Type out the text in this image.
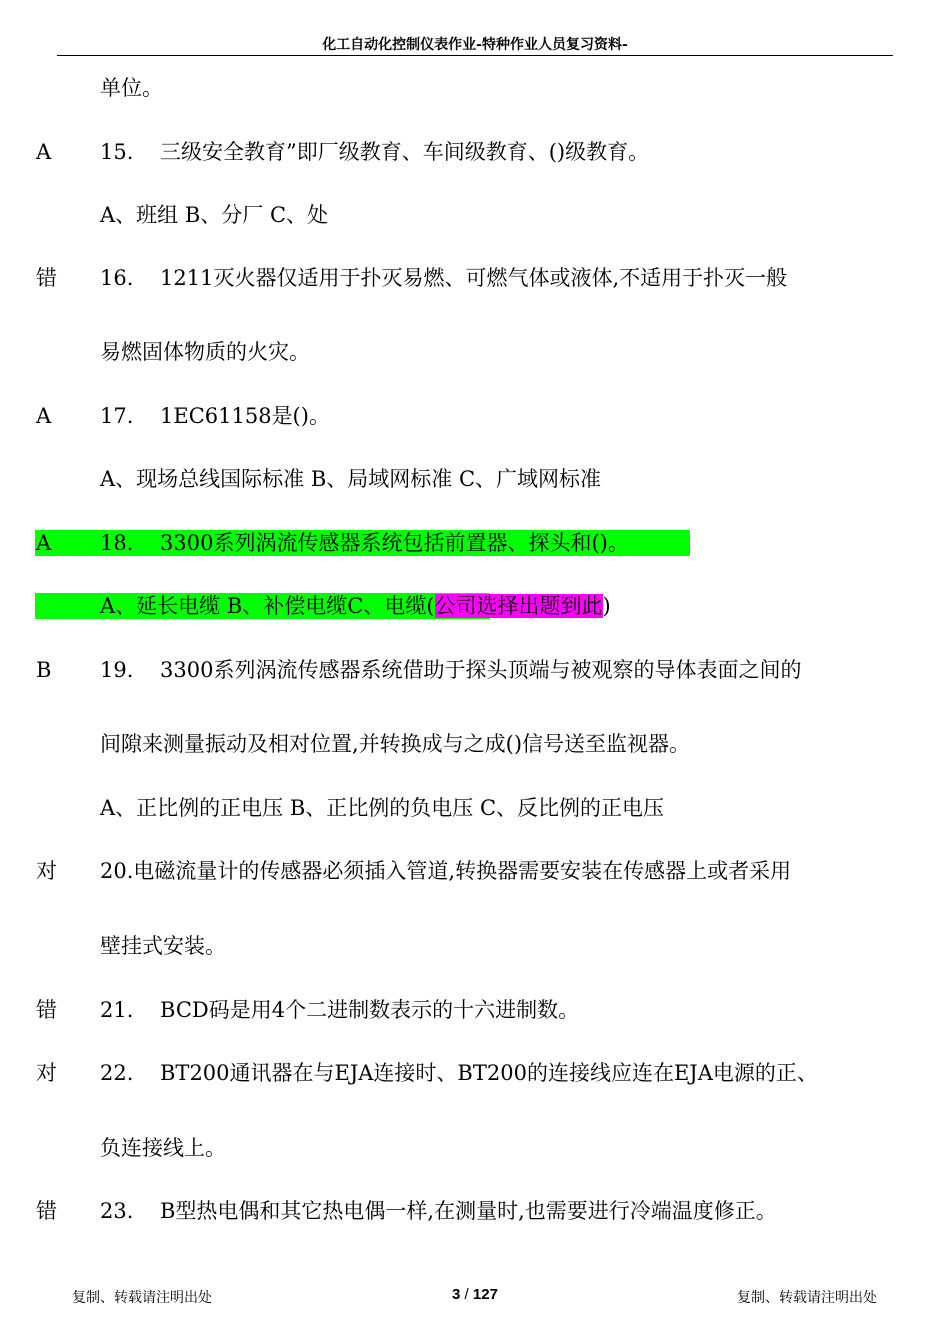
化工自动化控制仪表作业-特种作业人员复习资料-
单位。
A 15. 三级安全教育”即厂级教育、车间级教育、()级教育。
A、班组 B、分厂 C、处
错 16. 1211灭火器仅适用于扑灭易燃、可燃气体或液体,不适用于扑灭一般
易燃固体物质的火灾。
A 17. 1EC61158是()。
A、现场总线国际标准 B、局域网标准 C、广域网标准
A 18. 3300系列涡流传感器系统包括前置器、探头和()。
A、延长电缆 B、补偿电缆C、电缆(公司选择出题到此)
B 19. 3300系列涡流传感器系统借助于探头顶端与被观察的导体表面之间的
间隙来测量振动及相对位置,并转换成与之成()信号送至监视器。
A、正比例的正电压 B、正比例的负电压 C、反比例的正电压
对 20.电磁流量计的传感器必须插入管道,转换器需要安装在传感器上或者采用
壁挂式安装。
错 21. BCD码是用4个二进制数表示的十六进制数。
对 22. BT200通讯器在与EJA连接时、BT200的连接线应连在EJA电源的正、
负连接线上。
错 23. B型热电偶和其它热电偶一样,在测量时,也需要进行冷端温度修正。
复制、转载请注明出处	3 / 127	复制、转载请注明出处
